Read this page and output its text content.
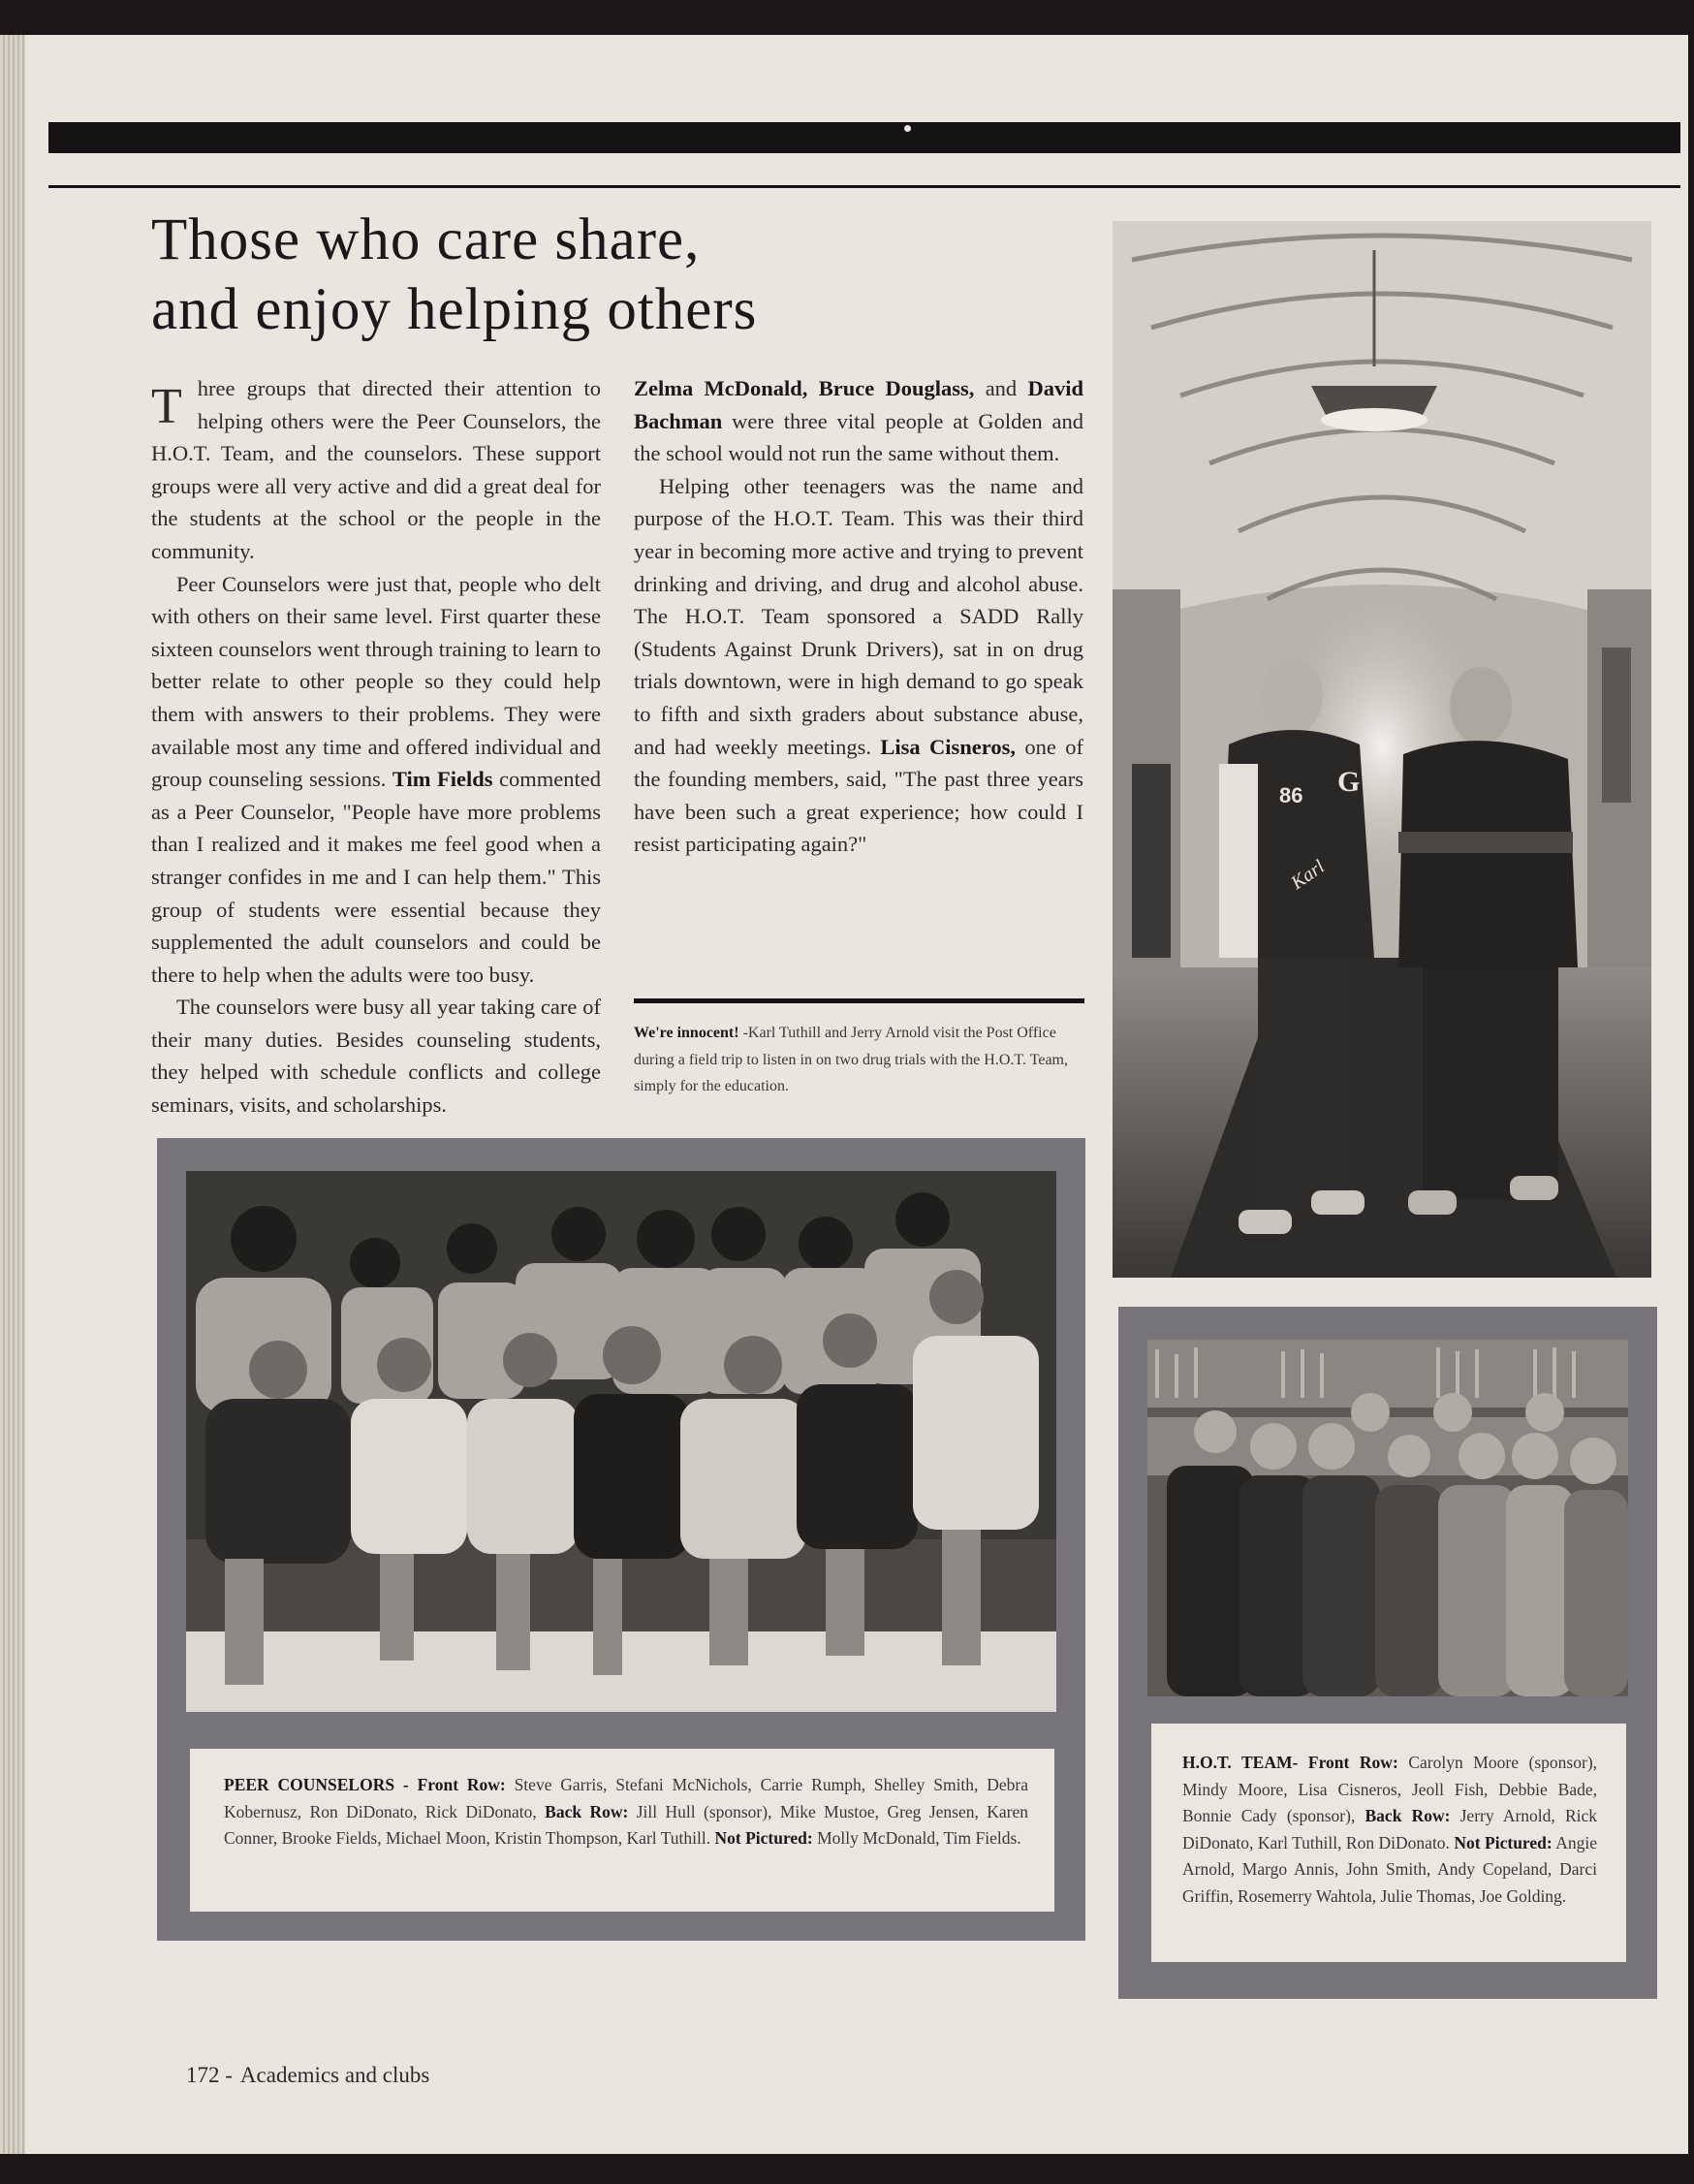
Those who care share,
and enjoy helping others

Three groups that directed their attention to helping others were the Peer Counselors, the H.O.T. Team, and the counselors. These support groups were all very active and did a great deal for the students at the school or the people in the community.

Peer Counselors were just that, people who delt with others on their same level. First quarter these sixteen counselors went through training to learn to better relate to other people so they could help them with answers to their problems. They were available most any time and offered individual and group counseling sessions. Tim Fields commented as a Peer Counselor, "People have more problems than I realized and it makes me feel good when a stranger confides in me and I can help them." This group of students were essential because they supplemented the adult counselors and could be there to help when the adults were too busy.

The counselors were busy all year taking care of their many duties. Besides counseling students, they helped with schedule conflicts and college seminars, visits, and scholarships.

Zelma McDonald, Bruce Douglass, and David Bachman were three vital people at Golden and the school would not run the same without them.

Helping other teenagers was the name and purpose of the H.O.T. Team. This was their third year in becoming more active and trying to prevent drinking and driving, and drug and alcohol abuse. The H.O.T. Team sponsored a SADD Rally (Students Against Drunk Drivers), sat in on drug trials downtown, were in high demand to go speak to fifth and sixth graders about substance abuse, and had weekly meetings. Lisa Cisneros, one of the founding members, said, "The past three years have been such a great experience; how could I resist participating again?"

We're innocent! -Karl Tuthill and Jerry Arnold visit the Post Office during a field trip to listen in on two drug trials with the H.O.T. Team, simply for the education.
86 G
Karl
PEER COUNSELORS - Front Row: Steve Garris, Stefani McNichols, Carrie Rumph, Shelley Smith, Debra Kobernusz, Ron DiDonato, Rick DiDonato, Back Row: Jill Hull (sponsor), Mike Mustoe, Greg Jensen, Karen Conner, Brooke Fields, Michael Moon, Kristin Thompson, Karl Tuthill. Not Pictured: Molly McDonald, Tim Fields.
H.O.T. TEAM- Front Row: Carolyn Moore (sponsor), Mindy Moore, Lisa Cisneros, Jeoll Fish, Debbie Bade, Bonnie Cady (sponsor), Back Row: Jerry Arnold, Rick DiDonato, Karl Tuthill, Ron DiDonato. Not Pictured: Angie Arnold, Margo Annis, John Smith, Andy Copeland, Darci Griffin, Rosemerry Wahtola, Julie Thomas, Joe Golding.
172 - Academics and clubs
